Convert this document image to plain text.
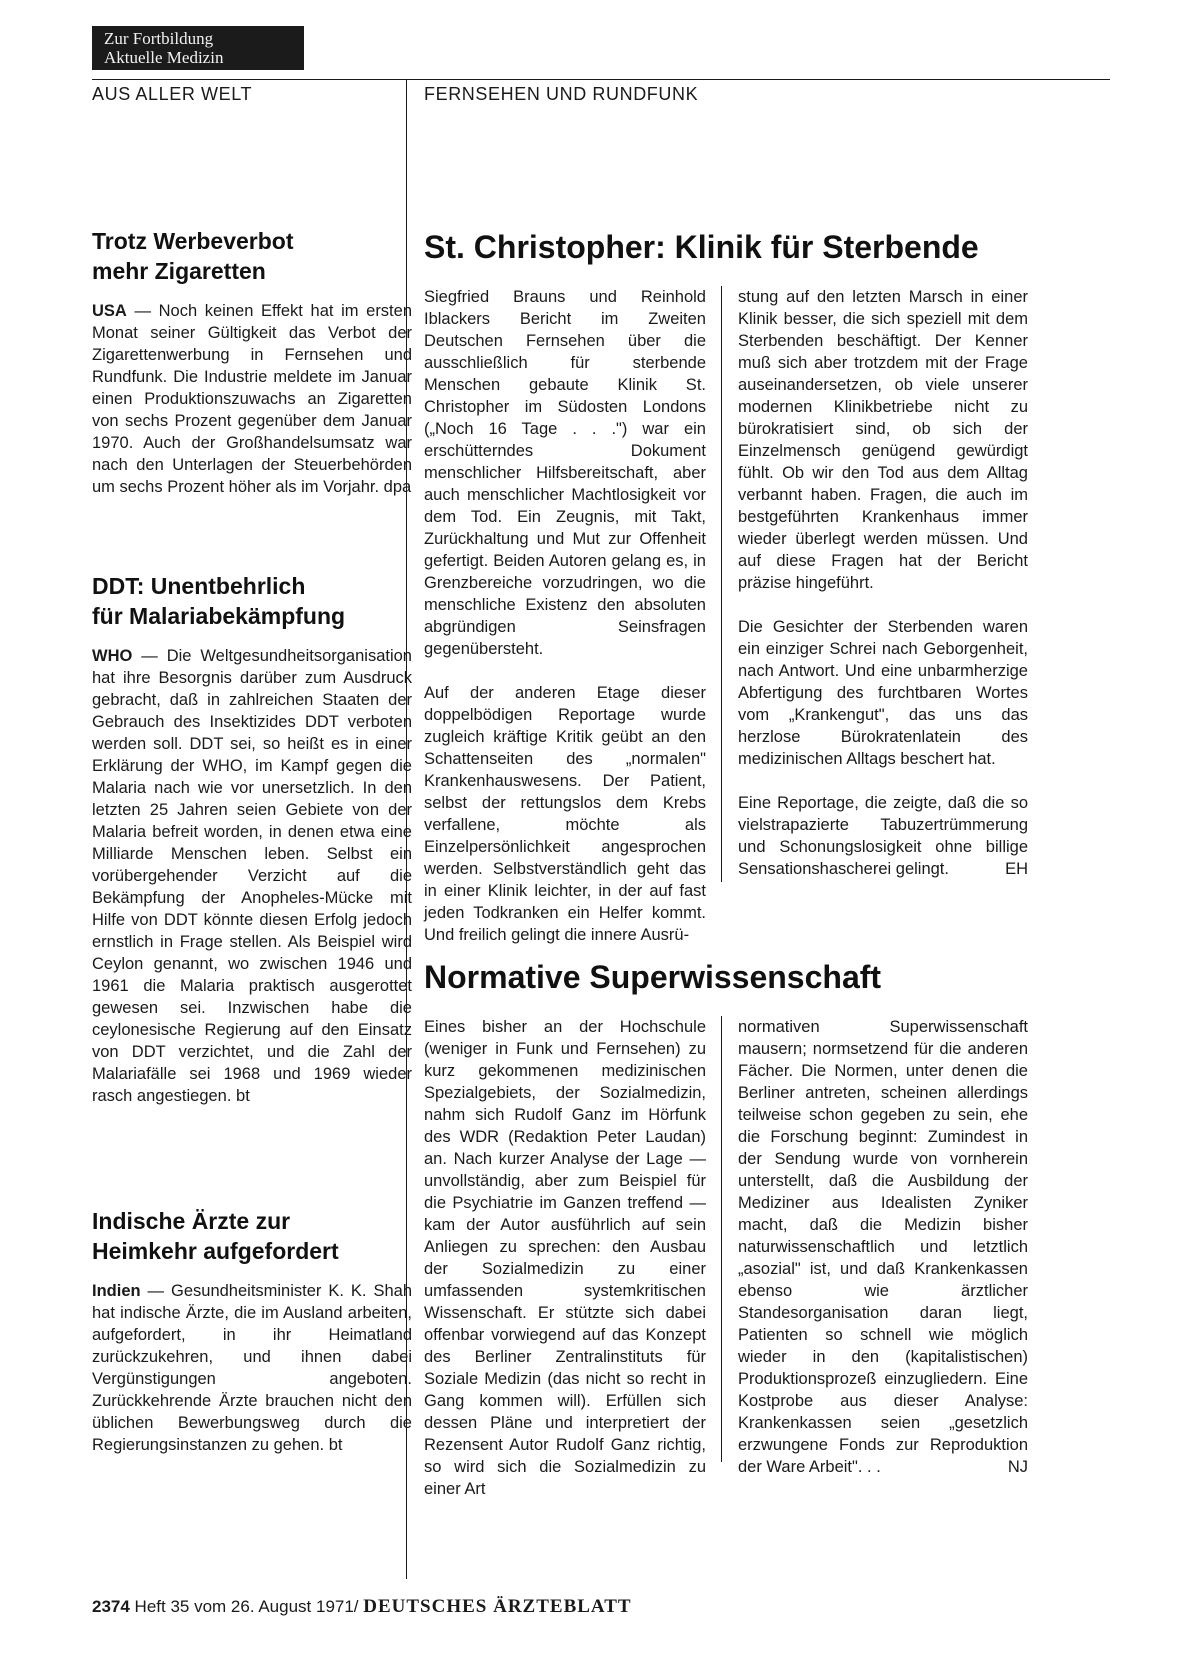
Zur Fortbildung
Aktuelle Medizin
AUS ALLER WELT	FERNSEHEN UND RUNDFUNK
Trotz Werbeverbot
mehr Zigaretten

USA — Noch keinen Effekt hat im ersten Monat seiner Gültigkeit das Verbot der Zigarettenwerbung in Fernsehen und Rundfunk. Die Industrie meldete im Januar einen Produktionszuwachs an Zigaretten von sechs Prozent gegenüber dem Januar 1970. Auch der Großhandelsumsatz war nach den Unterlagen der Steuerbehörden um sechs Prozent höher als im Vorjahr. dpa

DDT: Unentbehrlich
für Malariabekämpfung

WHO — Die Weltgesundheitsorganisation hat ihre Besorgnis darüber zum Ausdruck gebracht, daß in zahlreichen Staaten der Gebrauch des Insektizides DDT verboten werden soll. DDT sei, so heißt es in einer Erklärung der WHO, im Kampf gegen die Malaria nach wie vor unersetzlich. In den letzten 25 Jahren seien Gebiete von der Malaria befreit worden, in denen etwa eine Milliarde Menschen leben. Selbst ein vorübergehender Verzicht auf die Bekämpfung der Anopheles-Mücke mit Hilfe von DDT könnte diesen Erfolg jedoch ernstlich in Frage stellen. Als Beispiel wird Ceylon genannt, wo zwischen 1946 und 1961 die Malaria praktisch ausgerottet gewesen sei. Inzwischen habe die ceylonesische Regierung auf den Einsatz von DDT verzichtet, und die Zahl der Malariafälle sei 1968 und 1969 wieder rasch angestiegen. bt

Indische Ärzte zur
Heimkehr aufgefordert

Indien — Gesundheitsminister K. K. Shah hat indische Ärzte, die im Ausland arbeiten, aufgefordert, in ihr Heimatland zurückzukehren, und ihnen dabei Vergünstigungen angeboten. Zurückkehrende Ärzte brauchen nicht den üblichen Bewerbungsweg durch die Regierungsinstanzen zu gehen. bt

St. Christopher: Klinik für Sterbende

Siegfried Brauns und Reinhold Iblackers Bericht im Zweiten Deutschen Fernsehen über die ausschließlich für sterbende Menschen gebaute Klinik St. Christopher im Südosten Londons („Noch 16 Tage . . .") war ein erschütterndes Dokument menschlicher Hilfsbereitschaft, aber auch menschlicher Machtlosigkeit vor dem Tod. Ein Zeugnis, mit Takt, Zurückhaltung und Mut zur Offenheit gefertigt. Beiden Autoren gelang es, in Grenzbereiche vorzudringen, wo die menschliche Existenz den absoluten abgründigen Seinsfragen gegenübersteht.

Auf der anderen Etage dieser doppelbödigen Reportage wurde zugleich kräftige Kritik geübt an den Schattenseiten des „normalen" Krankenhauswesens. Der Patient, selbst der rettungslos dem Krebs verfallene, möchte als Einzelpersönlichkeit angesprochen werden. Selbstverständlich geht das in einer Klinik leichter, in der auf fast jeden Todkranken ein Helfer kommt. Und freilich gelingt die innere Ausrü-

stung auf den letzten Marsch in einer Klinik besser, die sich speziell mit dem Sterbenden beschäftigt. Der Kenner muß sich aber trotzdem mit der Frage auseinandersetzen, ob viele unserer modernen Klinikbetriebe nicht zu bürokratisiert sind, ob sich der Einzelmensch genügend gewürdigt fühlt. Ob wir den Tod aus dem Alltag verbannt haben. Fragen, die auch im bestgeführten Krankenhaus immer wieder überlegt werden müssen. Und auf diese Fragen hat der Bericht präzise hingeführt.

Die Gesichter der Sterbenden waren ein einziger Schrei nach Geborgenheit, nach Antwort. Und eine unbarmherzige Abfertigung des furchtbaren Wortes vom „Krankengut", das uns das herzlose Bürokratenlatein des medizinischen Alltags beschert hat.

Eine Reportage, die zeigte, daß die so vielstrapazierte Tabuzertrümmerung und Schonungslosigkeit ohne billige Sensationshascherei gelingt.	EH

Normative Superwissenschaft

Eines bisher an der Hochschule (weniger in Funk und Fernsehen) zu kurz gekommenen medizinischen Spezialgebiets, der Sozialmedizin, nahm sich Rudolf Ganz im Hörfunk des WDR (Redaktion Peter Laudan) an. Nach kurzer Analyse der Lage — unvollständig, aber zum Beispiel für die Psychiatrie im Ganzen treffend — kam der Autor ausführlich auf sein Anliegen zu sprechen: den Ausbau der Sozialmedizin zu einer umfassenden systemkritischen Wissenschaft. Er stützte sich dabei offenbar vorwiegend auf das Konzept des Berliner Zentralinstituts für Soziale Medizin (das nicht so recht in Gang kommen will). Erfüllen sich dessen Pläne und interpretiert der Rezensent Autor Rudolf Ganz richtig, so wird sich die Sozialmedizin zu einer Art

normativen Superwissenschaft mausern; normsetzend für die anderen Fächer. Die Normen, unter denen die Berliner antreten, scheinen allerdings teilweise schon gegeben zu sein, ehe die Forschung beginnt: Zumindest in der Sendung wurde von vornherein unterstellt, daß die Ausbildung der Mediziner aus Idealisten Zyniker macht, daß die Medizin bisher naturwissenschaftlich und letztlich „asozial" ist, und daß Krankenkassen ebenso wie ärztlicher Standesorganisation daran liegt, Patienten so schnell wie möglich wieder in den (kapitalistischen) Produktionsprozeß einzugliedern. Eine Kostprobe aus dieser Analyse: Krankenkassen seien „gesetzlich erzwungene Fonds zur Reproduktion der Ware Arbeit". . .	NJ

2374 Heft 35 vom 26. August 1971/ DEUTSCHES ÄRZTEBLATT
